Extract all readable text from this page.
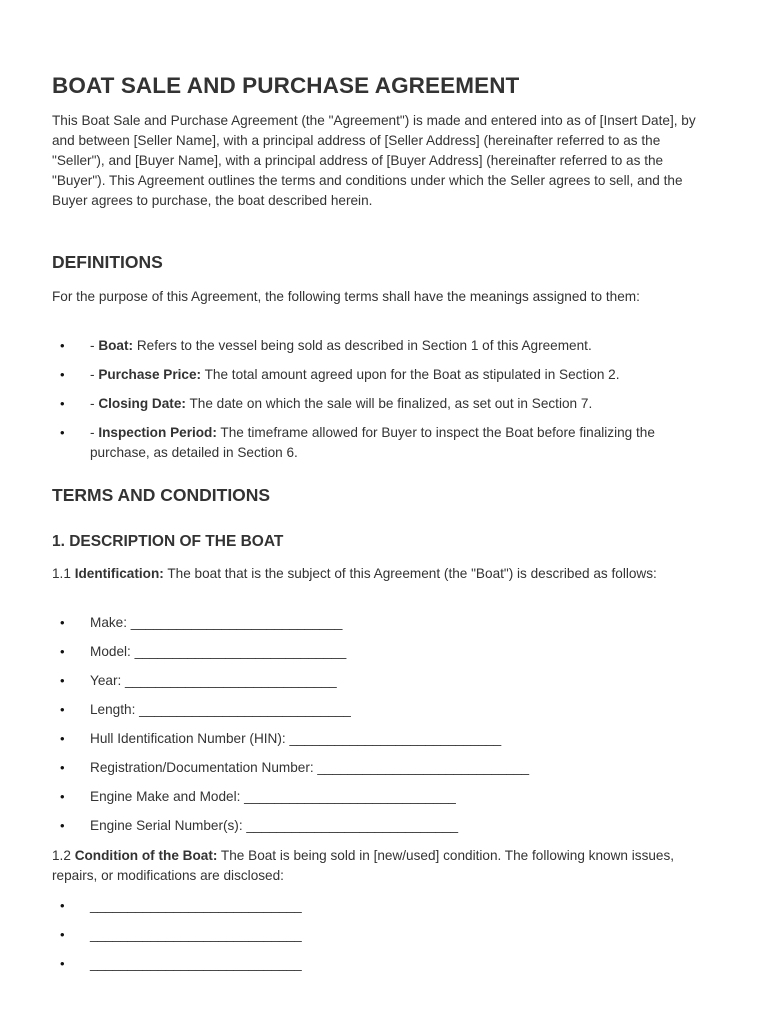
BOAT SALE AND PURCHASE AGREEMENT
This Boat Sale and Purchase Agreement (the "Agreement") is made and entered into as of [Insert Date], by and between [Seller Name], with a principal address of [Seller Address] (hereinafter referred to as the "Seller"), and [Buyer Name], with a principal address of [Buyer Address] (hereinafter referred to as the "Buyer"). This Agreement outlines the terms and conditions under which the Seller agrees to sell, and the Buyer agrees to purchase, the boat described herein.
DEFINITIONS
For the purpose of this Agreement, the following terms shall have the meanings assigned to them:
• - Boat: Refers to the vessel being sold as described in Section 1 of this Agreement.
• - Purchase Price: The total amount agreed upon for the Boat as stipulated in Section 2.
• - Closing Date: The date on which the sale will be finalized, as set out in Section 7.
• - Inspection Period: The timeframe allowed for Buyer to inspect the Boat before finalizing the purchase, as detailed in Section 6.
TERMS AND CONDITIONS
1. DESCRIPTION OF THE BOAT
1.1 Identification: The boat that is the subject of this Agreement (the "Boat") is described as follows:
• Make: ____________________________
• Model: ____________________________
• Year: ____________________________
• Length: ____________________________
• Hull Identification Number (HIN): ____________________________
• Registration/Documentation Number: ____________________________
• Engine Make and Model: ____________________________
• Engine Serial Number(s): ____________________________
1.2 Condition of the Boat: The Boat is being sold in [new/used] condition. The following known issues, repairs, or modifications are disclosed:
• ____________________________
• ____________________________
• ____________________________
